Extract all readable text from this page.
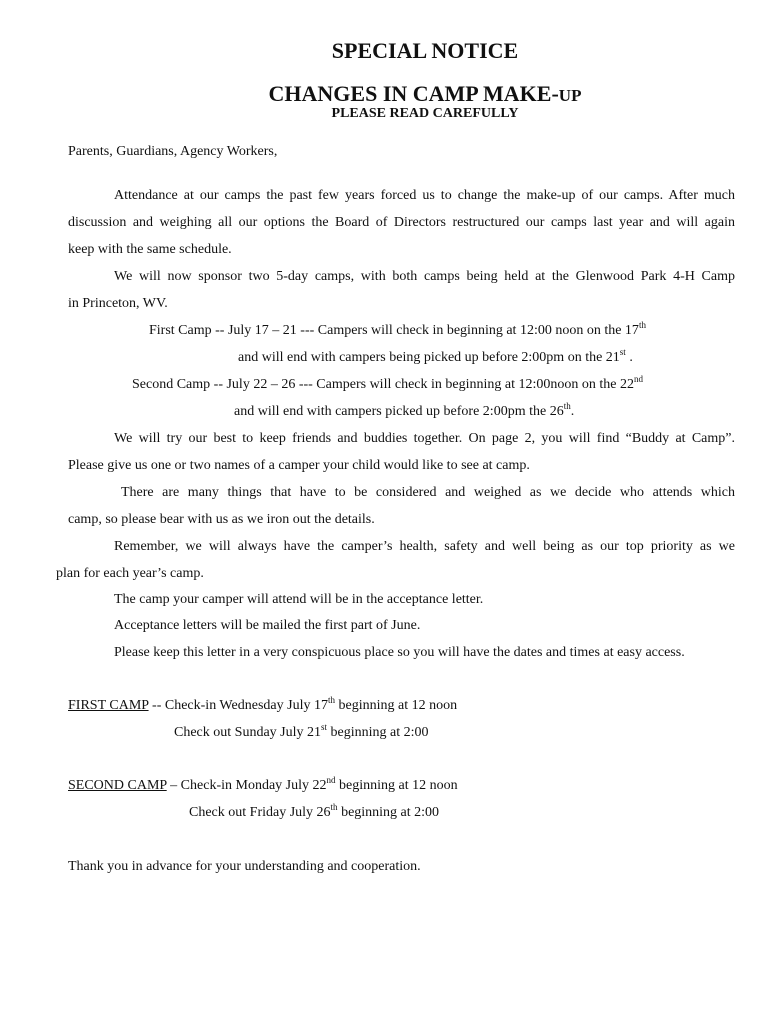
SPECIAL NOTICE
CHANGES IN CAMP MAKE-UP
PLEASE READ CAREFULLY
Parents, Guardians, Agency Workers,
Attendance at our camps the past few years forced us to change the make-up of our camps. After much
discussion and weighing all our options the Board of Directors restructured our camps last year and will again
keep with the same schedule.
We will now sponsor two 5-day camps, with both camps being held at the Glenwood Park 4-H Camp
in Princeton, WV.
First Camp -- July 17 – 21 --- Campers will check in beginning at 12:00 noon on the 17th
and will end with campers being picked up before 2:00pm on the 21st .
Second Camp -- July 22 – 26 --- Campers will check in beginning at 12:00noon on the 22nd
and will end with campers picked up before 2:00pm the 26th.
We will try our best to keep friends and buddies together. On page 2, you will find “Buddy at Camp”.
Please give us one or two names of a camper your child would like to see at camp.
There are many things that have to be considered and weighed as we decide who attends which
camp, so please bear with us as we iron out the details.
Remember, we will always have the camper’s health, safety and well being as our top priority as we
plan for each year’s camp.
The camp your camper will attend will be in the acceptance letter.
Acceptance letters will be mailed the first part of June.
Please keep this letter in a very conspicuous place so you will have the dates and times at easy access.
FIRST CAMP -- Check-in Wednesday July 17th beginning at 12 noon
Check out Sunday July 21st beginning at 2:00
SECOND CAMP – Check-in Monday July 22nd beginning at 12 noon
Check out Friday July 26th beginning at 2:00
Thank you in advance for your understanding and cooperation.
